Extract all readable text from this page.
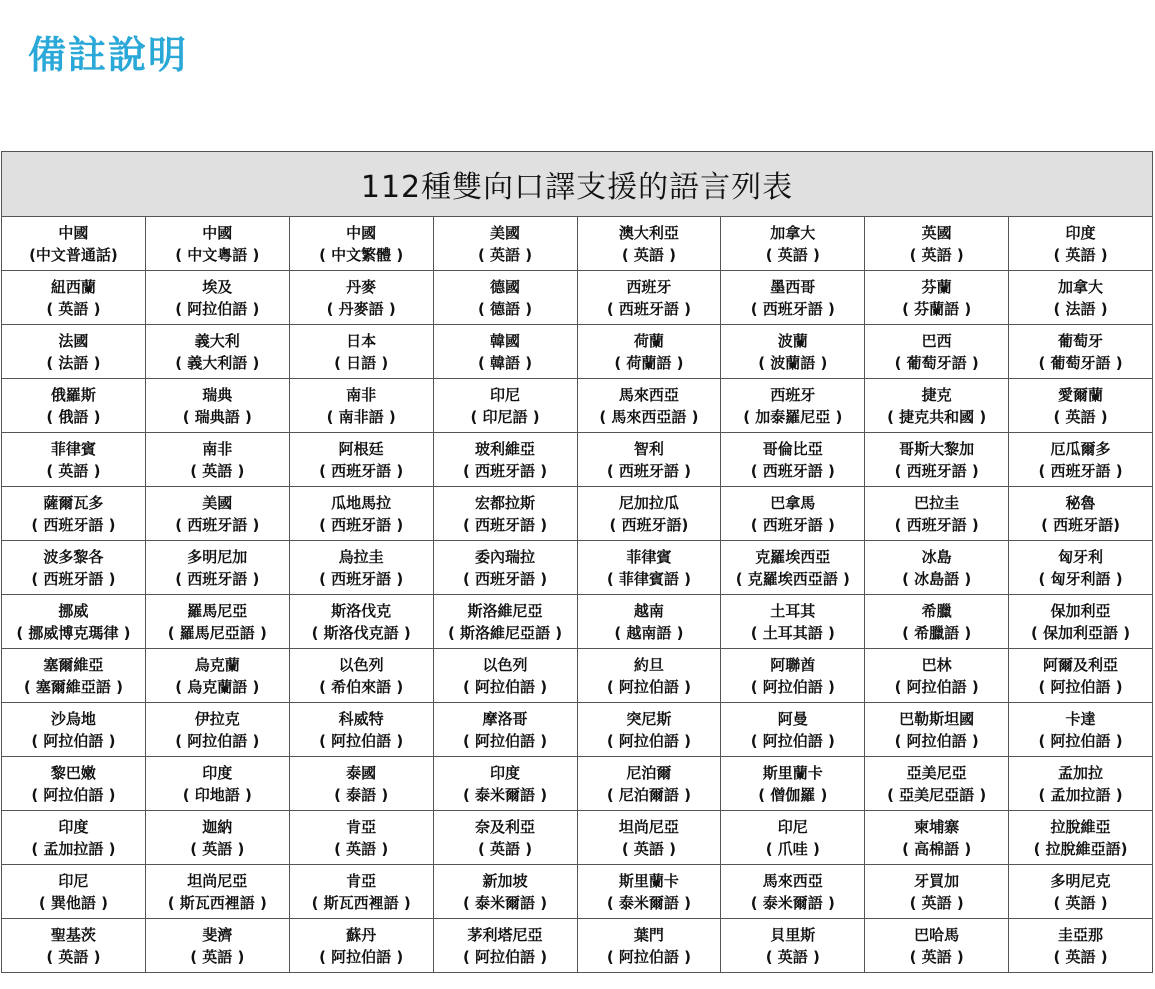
備註說明
112種雙向口譯支援的語言列表							

中國
(中文普通話)	中國
( 中文粵語 )	中國
( 中文繁體 )	美國
( 英語 )	澳大利亞
( 英語 )	加拿大
( 英語 )	英國
( 英語 )	印度
( 英語 )

紐西蘭
( 英語 )	埃及
( 阿拉伯語 )	丹麥
( 丹麥語 )	德國
( 德語 )	西班牙
( 西班牙語 )	墨西哥
( 西班牙語 )	芬蘭
( 芬蘭語 )	加拿大
( 法語 )

法國
( 法語 )	義大利
( 義大利語 )	日本
( 日語 )	韓國
( 韓語 )	荷蘭
( 荷蘭語 )	波蘭
( 波蘭語 )	巴西
( 葡萄牙語 )	葡萄牙
( 葡萄牙語 )

俄羅斯
( 俄語 )	瑞典
( 瑞典語 )	南非
( 南非語 )	印尼
( 印尼語 )	馬來西亞
( 馬來西亞語 )	西班牙
( 加泰羅尼亞 )	捷克
( 捷克共和國 )	愛爾蘭
( 英語 )

菲律賓
( 英語 )	南非
( 英語 )	阿根廷
( 西班牙語 )	玻利維亞
( 西班牙語 )	智利
( 西班牙語 )	哥倫比亞
( 西班牙語 )	哥斯大黎加
( 西班牙語 )	厄瓜爾多
( 西班牙語 )

薩爾瓦多
( 西班牙語 )	美國
( 西班牙語 )	瓜地馬拉
( 西班牙語 )	宏都拉斯
( 西班牙語 )	尼加拉瓜
( 西班牙語)	巴拿馬
( 西班牙語 )	巴拉圭
( 西班牙語 )	秘魯
( 西班牙語)

波多黎各
( 西班牙語 )	多明尼加
( 西班牙語 )	烏拉圭
( 西班牙語 )	委內瑞拉
( 西班牙語 )	菲律賓
( 菲律賓語 )	克羅埃西亞
( 克羅埃西亞語 )	冰島
( 冰島語 )	匈牙利
( 匈牙利語 )

挪威
( 挪威博克瑪律 )	羅馬尼亞
( 羅馬尼亞語 )	斯洛伐克
( 斯洛伐克語 )	斯洛維尼亞
( 斯洛維尼亞語 )	越南
( 越南語 )	土耳其
( 土耳其語 )	希臘
( 希臘語 )	保加利亞
( 保加利亞語 )

塞爾維亞
( 塞爾維亞語 )	烏克蘭
( 烏克蘭語 )	以色列
( 希伯來語 )	以色列
( 阿拉伯語 )	約旦
( 阿拉伯語 )	阿聯酋
( 阿拉伯語 )	巴林
( 阿拉伯語 )	阿爾及利亞
( 阿拉伯語 )

沙烏地
( 阿拉伯語 )	伊拉克
( 阿拉伯語 )	科威特
( 阿拉伯語 )	摩洛哥
( 阿拉伯語 )	突尼斯
( 阿拉伯語 )	阿曼
( 阿拉伯語 )	巴勒斯坦國
( 阿拉伯語 )	卡達
( 阿拉伯語 )

黎巴嫩
( 阿拉伯語 )	印度
( 印地語 )	泰國
( 泰語 )	印度
( 泰米爾語 )	尼泊爾
( 尼泊爾語 )	斯里蘭卡
( 僧伽羅 )	亞美尼亞
( 亞美尼亞語 )	孟加拉
( 孟加拉語 )

印度
( 孟加拉語 )	迦納
( 英語 )	肯亞
( 英語 )	奈及利亞
( 英語 )	坦尚尼亞
( 英語 )	印尼
( 爪哇 )	柬埔寨
( 高棉語 )	拉脫維亞
( 拉脫維亞語)

印尼
( 巽他語 )	坦尚尼亞
( 斯瓦西裡語 )	肯亞
( 斯瓦西裡語 )	新加坡
( 泰米爾語 )	斯里蘭卡
( 泰米爾語 )	馬來西亞
( 泰米爾語 )	牙買加
( 英語 )	多明尼克
( 英語 )

聖基茨
( 英語 )	斐濟
( 英語 )	蘇丹
( 阿拉伯語 )	茅利塔尼亞
( 阿拉伯語 )	葉門
( 阿拉伯語 )	貝里斯
( 英語 )	巴哈馬
( 英語 )	圭亞那
( 英語 )
